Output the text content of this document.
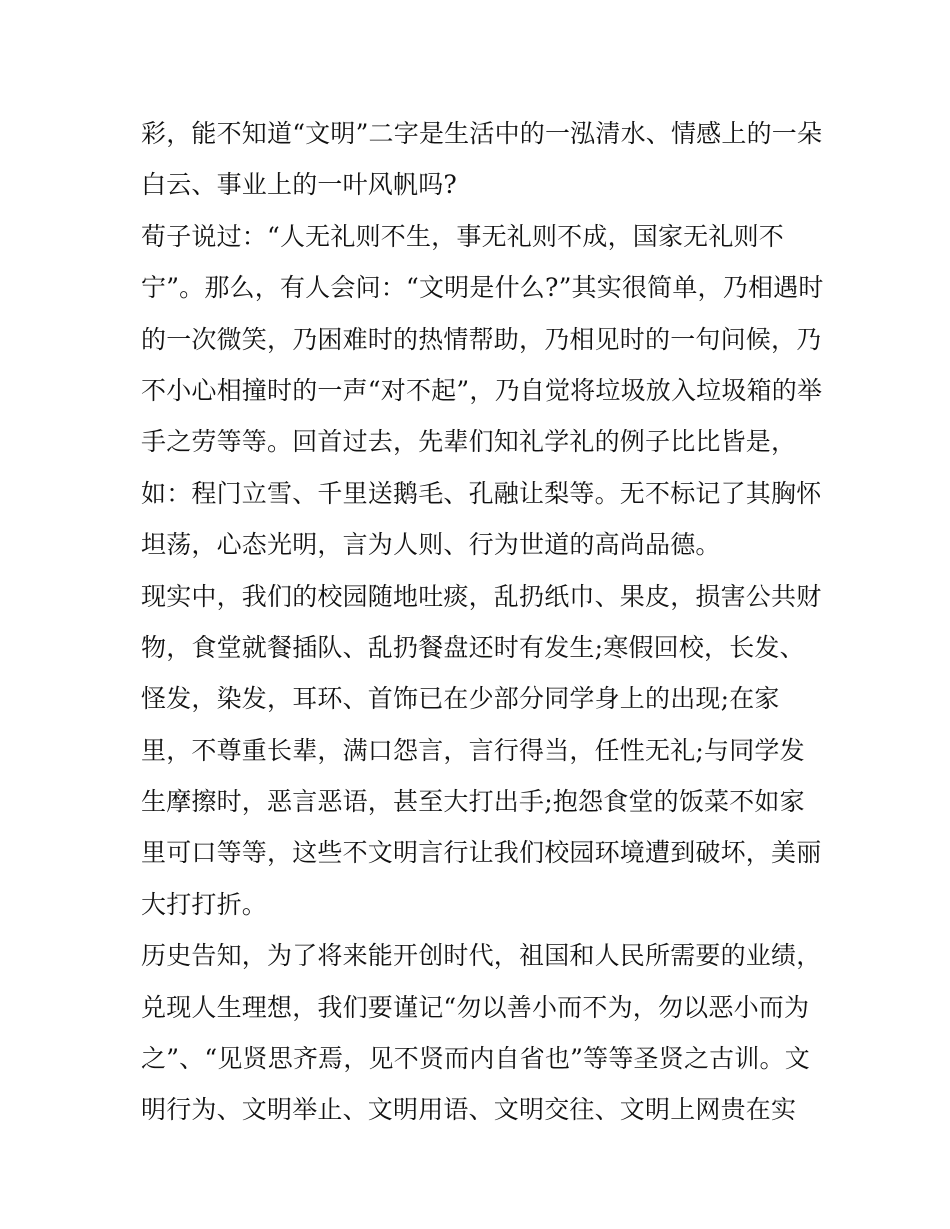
彩，能不知道“文明”二字是生活中的一泓清水、情感上的一朵
白云、事业上的一叶风帆吗?
荀子说过：“人无礼则不生，事无礼则不成，国家无礼则不
宁”。那么，有人会问：“文明是什么?”其实很简单，乃相遇时
的一次微笑，乃困难时的热情帮助，乃相见时的一句问候，乃
不小心相撞时的一声“对不起”，乃自觉将垃圾放入垃圾箱的举
手之劳等等。回首过去，先辈们知礼学礼的例子比比皆是，
如：程门立雪、千里送鹅毛、孔融让梨等。无不标记了其胸怀
坦荡，心态光明，言为人则、行为世道的高尚品德。
现实中，我们的校园随地吐痰，乱扔纸巾、果皮，损害公共财
物，食堂就餐插队、乱扔餐盘还时有发生;寒假回校，长发、
怪发，染发，耳环、首饰已在少部分同学身上的出现;在家
里，不尊重长辈，满口怨言，言行得当，任性无礼;与同学发
生摩擦时，恶言恶语，甚至大打出手;抱怨食堂的饭菜不如家
里可口等等，这些不文明言行让我们校园环境遭到破坏，美丽
大打打折。
历史告知，为了将来能开创时代，祖国和人民所需要的业绩，
兑现人生理想，我们要谨记“勿以善小而不为，勿以恶小而为
之”、“见贤思齐焉，见不贤而内自省也”等等圣贤之古训。文
明行为、文明举止、文明用语、文明交往、文明上网贵在实
